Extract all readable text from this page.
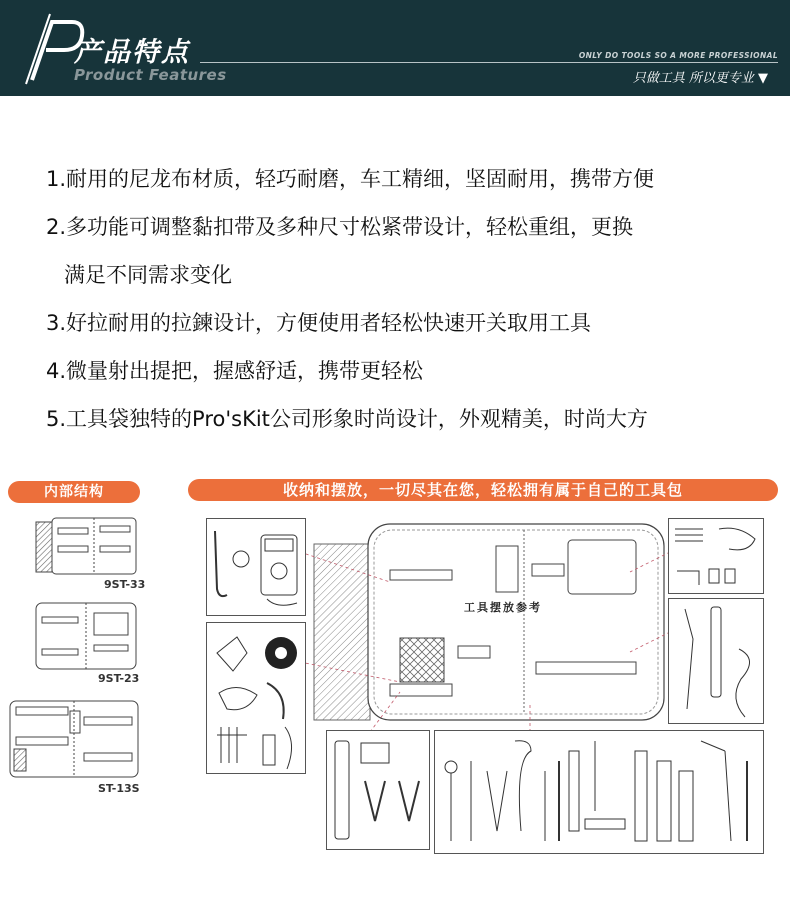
产品特点
Product Features
ONLY DO TOOLS SO A MORE PROFESSIONAL
只做工具 所以更专业 ▼
1.耐用的尼龙布材质，轻巧耐磨，车工精细，坚固耐用，携带方便
2.多功能可调整黏扣带及多种尺寸松紧带设计，轻松重组，更换
满足不同需求变化
3.好拉耐用的拉鍊设计，方便使用者轻松快速开关取用工具
4.微量射出提把，握感舒适，携带更轻松
5.工具袋独特的Pro'sKit公司形象时尚设计，外观精美，时尚大方
内部结构	收纳和摆放，一切尽其在您，轻松拥有属于自己的工具包
9ST-33
9ST-23
ST-13S
工具摆放参考
